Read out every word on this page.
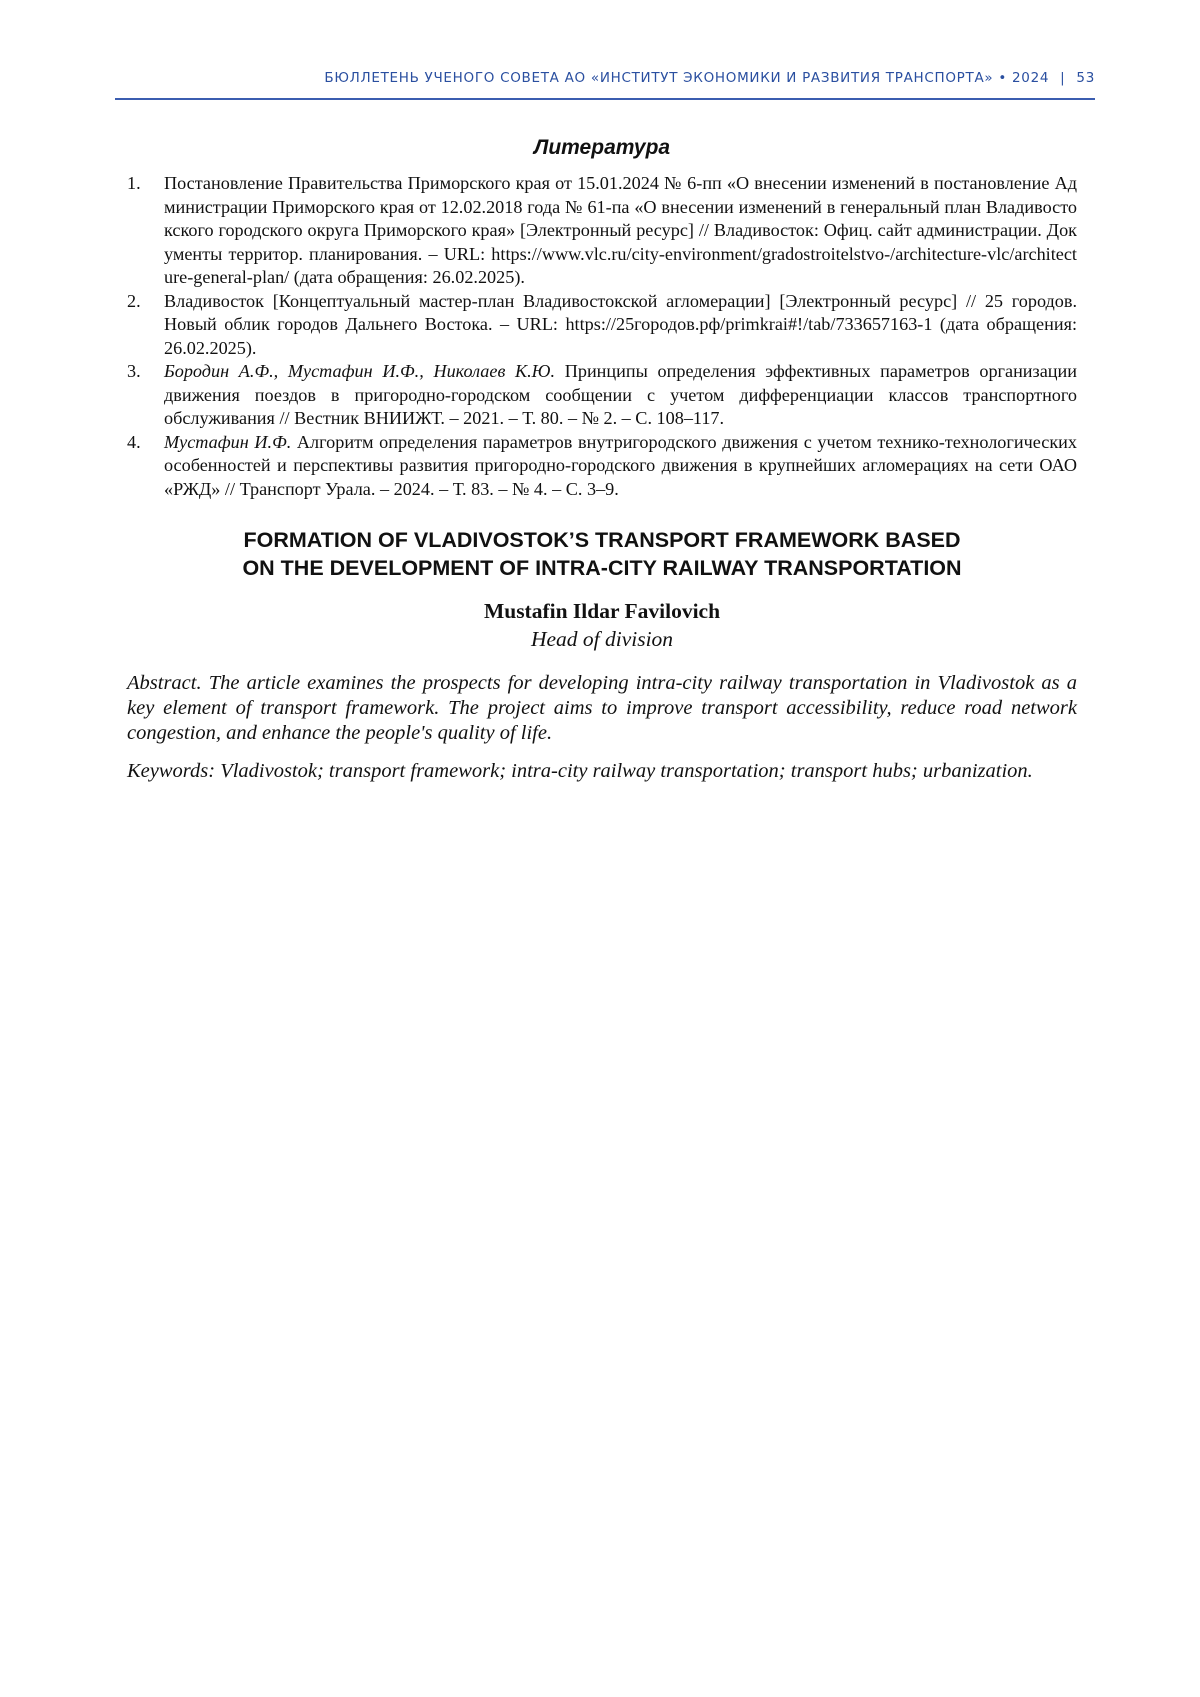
БЮЛЛЕТЕНЬ УЧЕНОГО СОВЕТА АО «ИНСТИТУТ ЭКОНОМИКИ И РАЗВИТИЯ ТРАНСПОРТА» • 2024 | 53
Литература
1. Постановление Правительства Приморского края от 15.01.2024 № 6-пп «О внесении изменений в постановление Администрации Приморского края от 12.02.2018 года № 61-па «О внесении изменений в генеральный план Владивостокского городского округа Приморского края» [Электронный ресурс] // Владивосток: Офиц. сайт администрации. Документы территор. планирования. – URL: https://www.vlc.ru/city-environment/gradostroitelstvo-/architecture-vlc/architecture-general-plan/ (дата обращения: 26.02.2025).
2. Владивосток [Концептуальный мастер-план Владивостокской агломерации] [Электронный ресурс] // 25 городов. Новый облик городов Дальнего Востока. – URL: https://25городов.рф/primkrai#!/tab/733657163-1 (дата обращения: 26.02.2025).
3. Бородин А.Ф., Мустафин И.Ф., Николаев К.Ю. Принципы определения эффективных параметров организации движения поездов в пригородно-городском сообщении с учетом дифференциации классов транспортного обслуживания // Вестник ВНИИЖТ. – 2021. – Т. 80. – № 2. – С. 108–117.
4. Мустафин И.Ф. Алгоритм определения параметров внутригородского движения с учетом технико-технологических особенностей и перспективы развития пригородно-городского движения в крупнейших агломерациях на сети ОАО «РЖД» // Транспорт Урала. – 2024. – Т. 83. – № 4. – С. 3–9.
FORMATION OF VLADIVOSTOK’S TRANSPORT FRAMEWORK BASED
ON THE DEVELOPMENT OF INTRA-CITY RAILWAY TRANSPORTATION

Mustafin Ildar Favilovich

Head of division

Abstract. The article examines the prospects for developing intra-city railway transportation in Vladivostok as a key element of transport framework. The project aims to improve transport accessibility, reduce road network congestion, and enhance the people's quality of life.

Keywords: Vladivostok; transport framework; intra-city railway transportation; transport hubs; urbanization.
